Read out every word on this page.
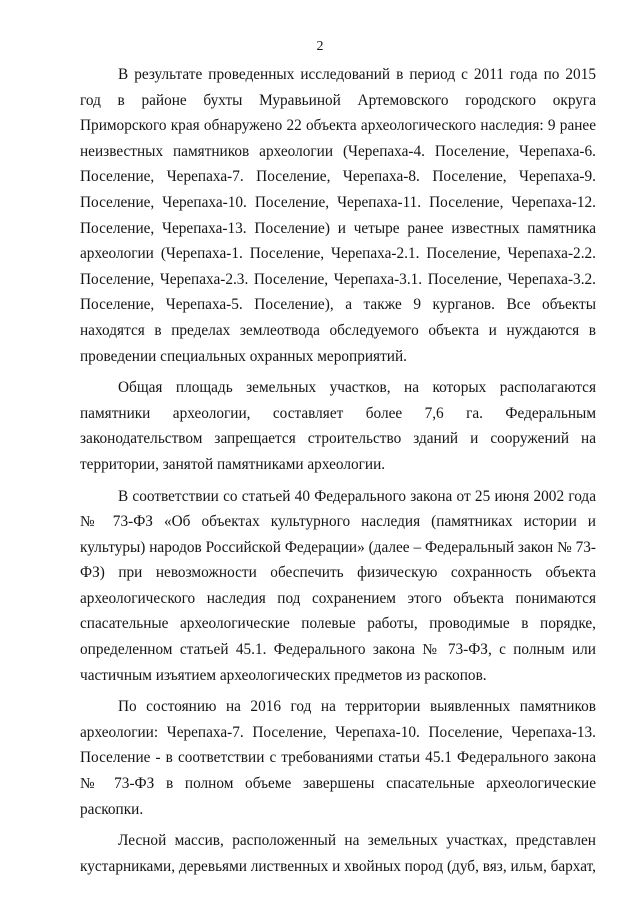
2

В результате проведенных исследований в период с 2011 года по 2015 год в районе бухты Муравьиной Артемовского городского округа Приморского края обнаружено 22 объекта археологического наследия: 9 ранее неизвестных памятников археологии (Черепаха-4. Поселение, Черепаха-6. Поселение, Черепаха-7. Поселение, Черепаха-8. Поселение, Черепаха-9. Поселение, Черепаха-10. Поселение, Черепаха-11. Поселение, Черепаха-12. Поселение, Черепаха-13. Поселение) и четыре ранее известных памятника археологии (Черепаха-1. Поселение, Черепаха-2.1. Поселение, Черепаха-2.2. Поселение, Черепаха-2.3. Поселение, Черепаха-3.1. Поселение, Черепаха-3.2. Поселение, Черепаха-5. Поселение), а также 9 курганов. Все объекты находятся в пределах землеотвода обследуемого объекта и нуждаются в проведении специальных охранных мероприятий.

Общая площадь земельных участков, на которых располагаются памятники археологии, составляет более 7,6 га. Федеральным законодательством запрещается строительство зданий и сооружений на территории, занятой памятниками археологии.

В соответствии со статьей 40 Федерального закона от 25 июня 2002 года № 73-ФЗ «Об объектах культурного наследия (памятниках истории и культуры) народов Российской Федерации» (далее – Федеральный закон № 73-ФЗ) при невозможности обеспечить физическую сохранность объекта археологического наследия под сохранением этого объекта понимаются спасательные археологические полевые работы, проводимые в порядке, определенном статьей 45.1. Федерального закона № 73-ФЗ, с полным или частичным изъятием археологических предметов из раскопов.

По состоянию на 2016 год на территории выявленных памятников археологии: Черепаха-7. Поселение, Черепаха-10. Поселение, Черепаха-13. Поселение - в соответствии с требованиями статьи 45.1 Федерального закона № 73-ФЗ в полном объеме завершены спасательные археологические раскопки.

Лесной массив, расположенный на земельных участках, представлен кустарниками, деревьями лиственных и хвойных пород (дуб, вяз, ильм, бархат,
